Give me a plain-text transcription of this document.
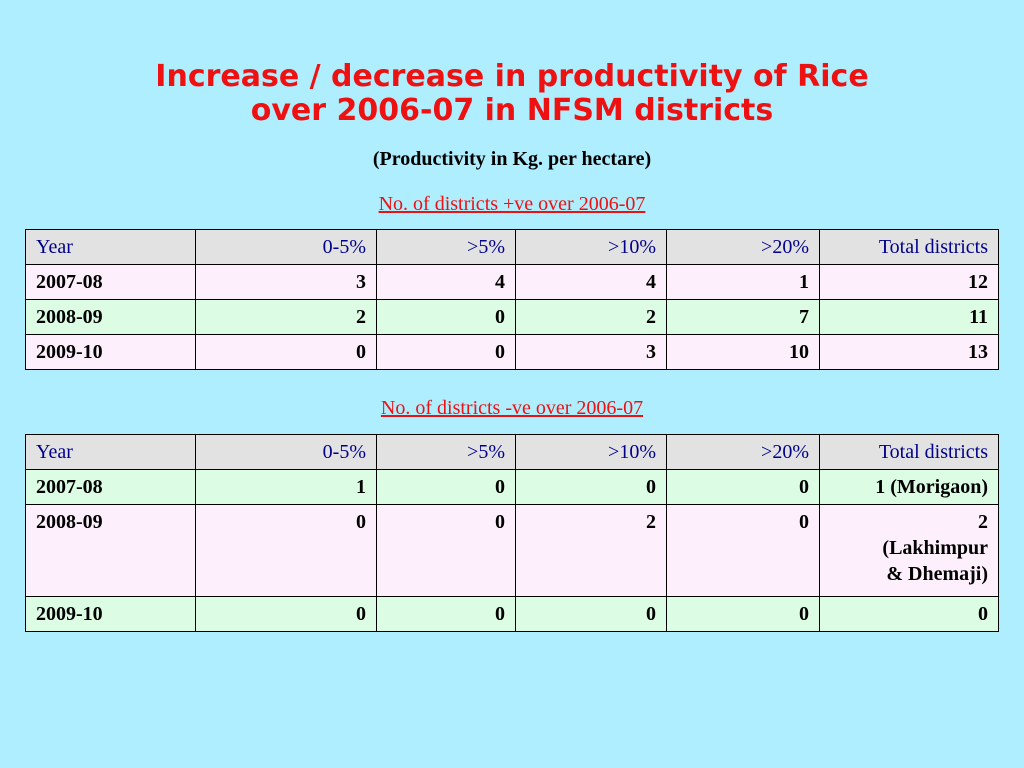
Increase / decrease in productivity of Rice
over 2006-07 in NFSM districts
(Productivity in Kg. per hectare)
No. of districts +ve over 2006-07
Year	0-5%	>5%	>10%	>20%	Total districts
2007-08	3	4	4	1	12
2008-09	2	0	2	7	11
2009-10	0	0	3	10	13
No. of districts -ve over 2006-07
Year	0-5%	>5%	>10%	>20%	Total districts
2007-08	1	0	0	0	1 (Morigaon)
2008-09	0	0	2	0	2
(Lakhimpur
& Dhemaji)
2009-10	0	0	0	0	0
